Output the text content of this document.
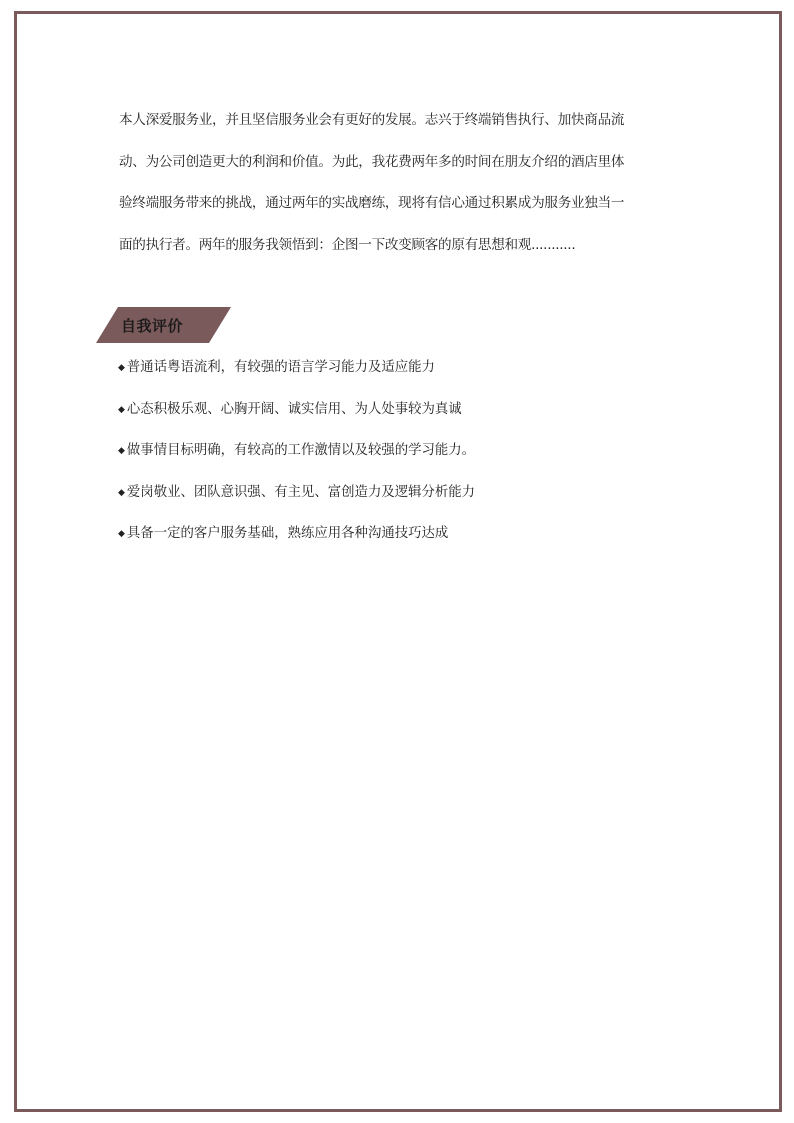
本人深爱服务业，并且坚信服务业会有更好的发展。志兴于终端销售执行、加快商品流
动、为公司创造更大的利润和价值。为此，我花费两年多的时间在朋友介绍的酒店里体
验终端服务带来的挑战，通过两年的实战磨练，现将有信心通过积累成为服务业独当一
面的执行者。两年的服务我领悟到：企图一下改变顾客的原有思想和观...........

自我评价
◆ 普通话粤语流利，有较强的语言学习能力及适应能力
◆ 心态积极乐观、心胸开阔、诚实信用、为人处事较为真诚
◆ 做事情目标明确，有较高的工作激情以及较强的学习能力。
◆ 爱岗敬业、团队意识强、有主见、富创造力及逻辑分析能力
◆ 具备一定的客户服务基础，熟练应用各种沟通技巧达成
